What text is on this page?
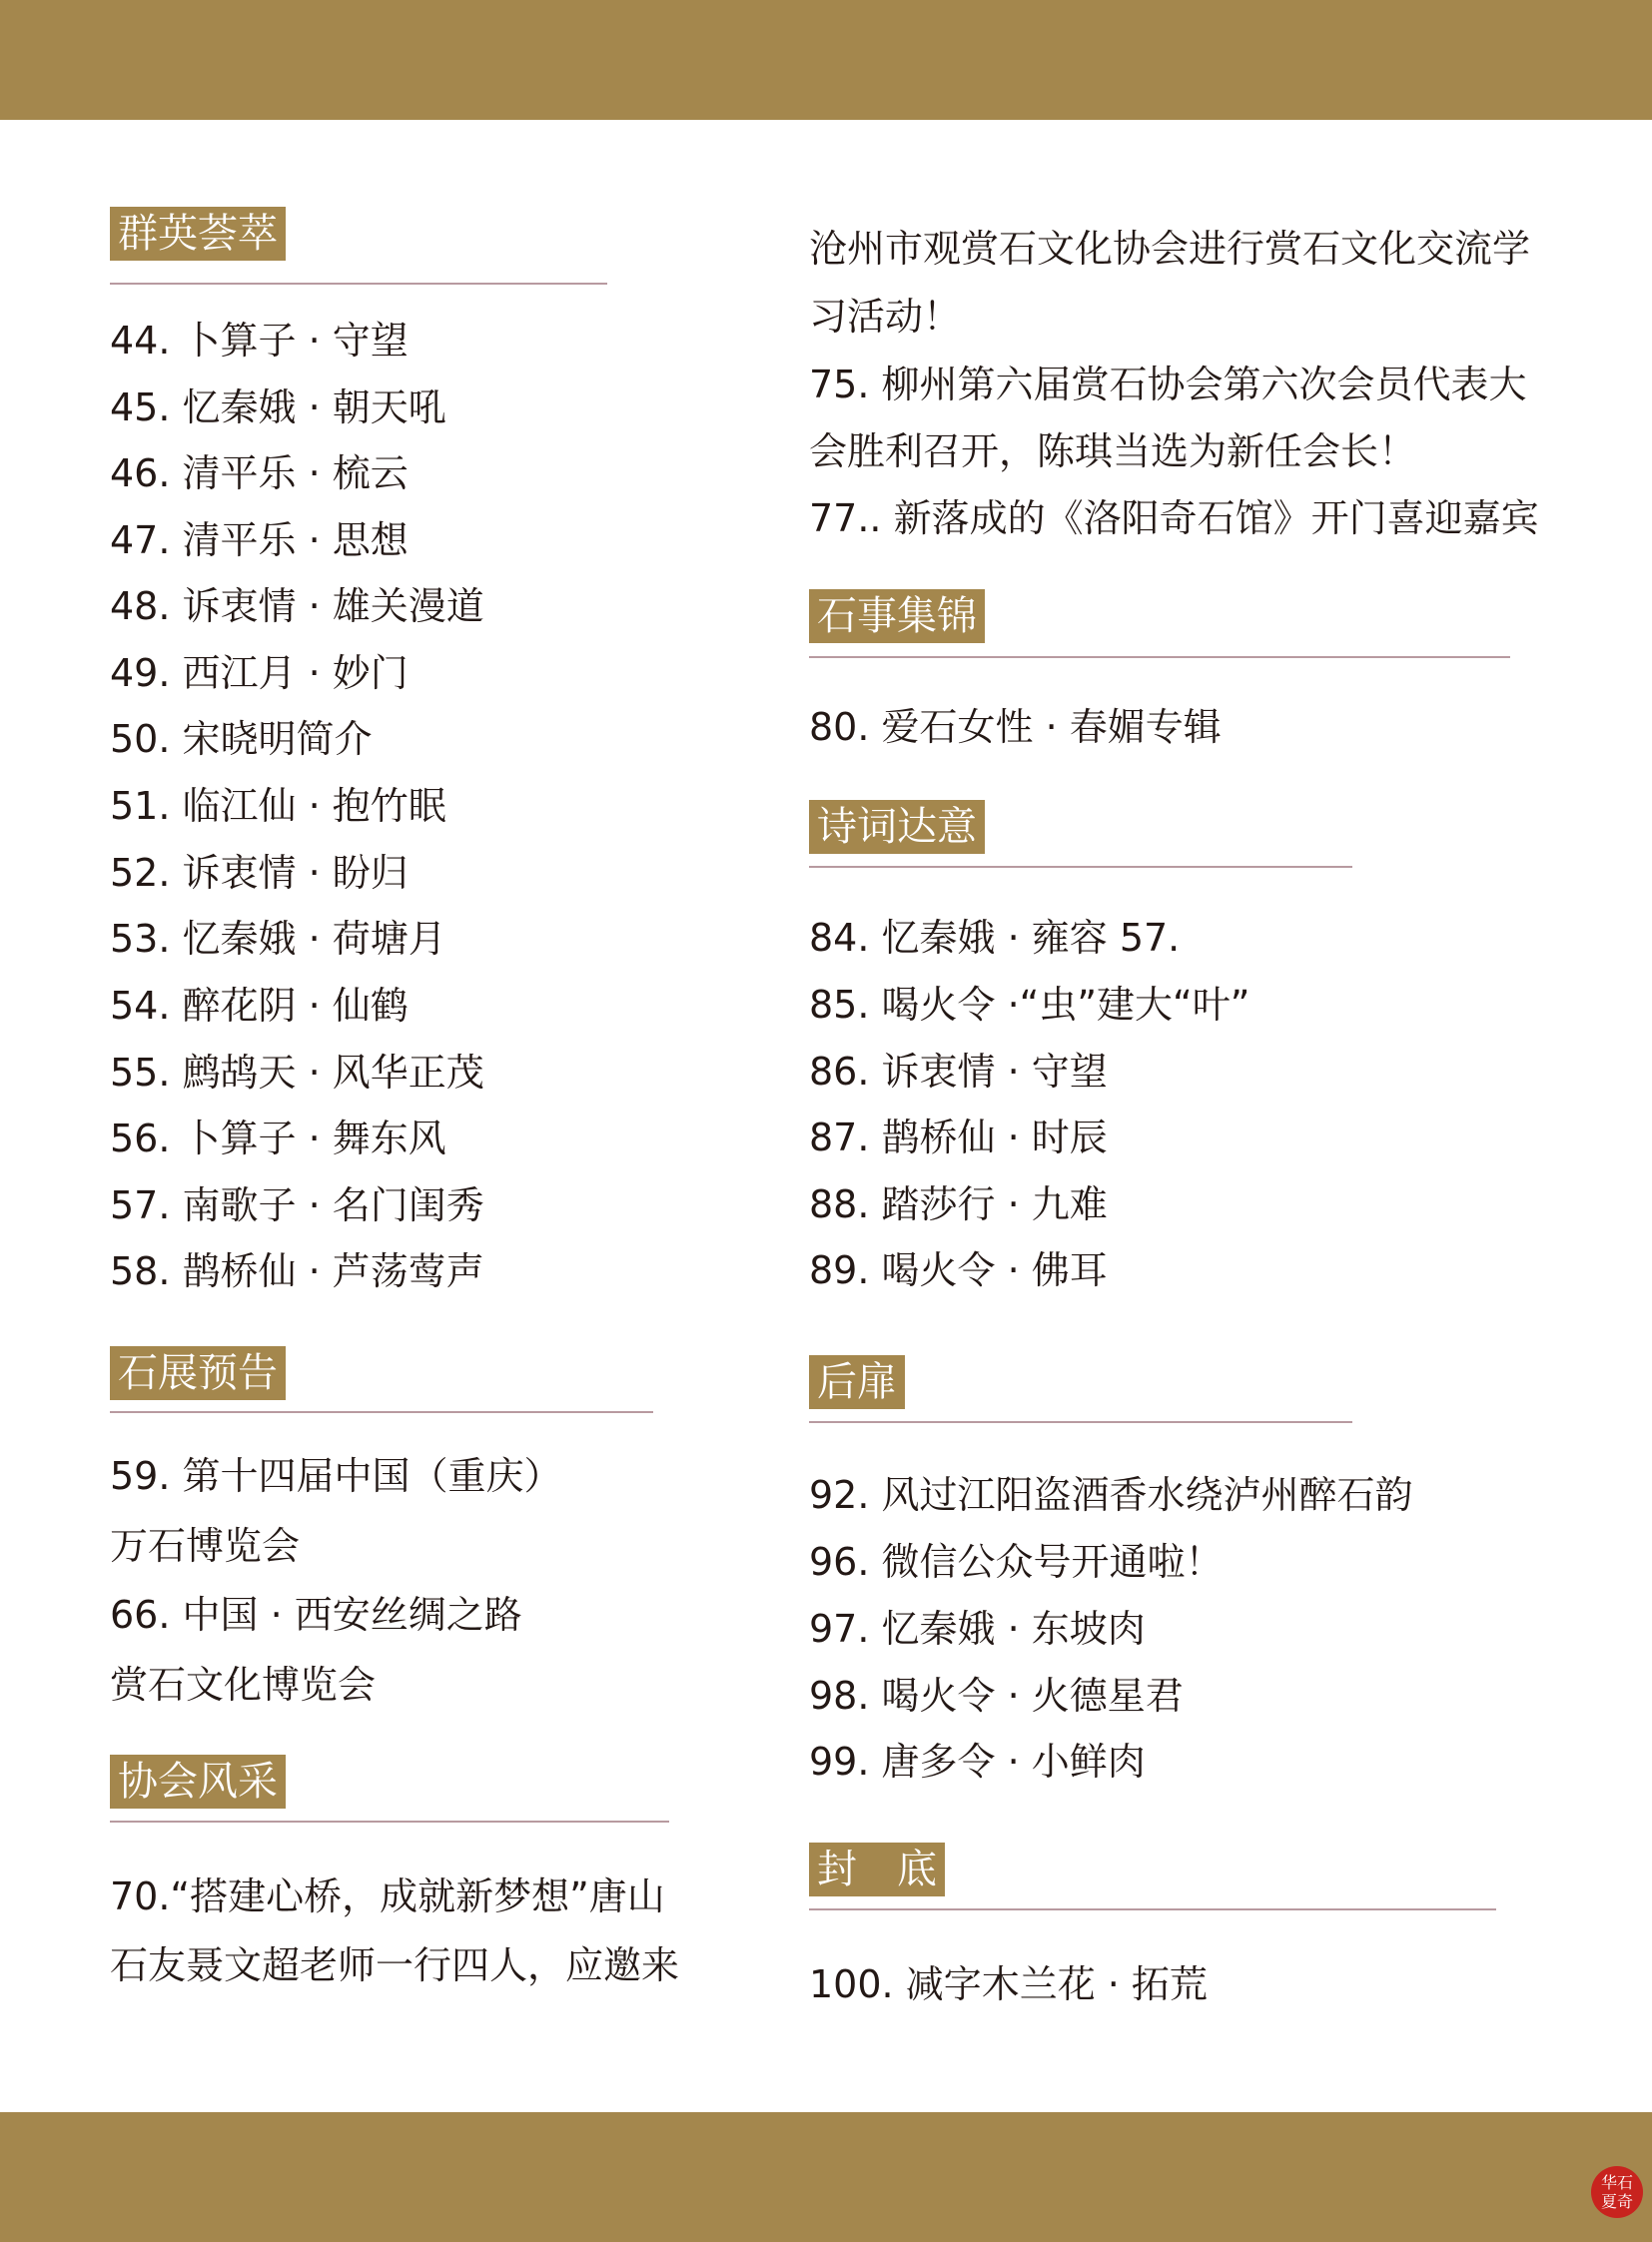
群英荟萃
44. 卜算子 · 守望
45. 忆秦娥 · 朝天吼
46. 清平乐 · 梳云
47. 清平乐 · 思想
48. 诉衷情 · 雄关漫道
49. 西江月 · 妙门
50. 宋晓明简介
51. 临江仙 · 抱竹眠
52. 诉衷情 · 盼归
53. 忆秦娥 · 荷塘月
54. 醉花阴 · 仙鹤
55. 鹧鸪天 · 风华正茂
56. 卜算子 · 舞东风
57. 南歌子 · 名门闺秀
58. 鹊桥仙 · 芦荡莺声
石展预告
59. 第十四届中国（重庆）
万石博览会
66. 中国 · 西安丝绸之路
赏石文化博览会
协会风采
70.“搭建心桥，成就新梦想”唐山
石友聂文超老师一行四人，应邀来
沧州市观赏石文化协会进行赏石文化交流学
习活动！
75. 柳州第六届赏石协会第六次会员代表大
会胜利召开，陈琪当选为新任会长！
77.. 新落成的《洛阳奇石馆》开门喜迎嘉宾
石事集锦
80. 爱石女性 · 春媚专辑
诗词达意
84. 忆秦娥 · 雍容 57.
85. 喝火令 ·“虫”建大“叶”
86. 诉衷情 · 守望
87. 鹊桥仙 · 时辰
88. 踏莎行 · 九难
89. 喝火令 · 佛耳
后扉
92. 风过江阳盗酒香水绕泸州醉石韵
96. 微信公众号开通啦！
97. 忆秦娥 · 东坡肉
98. 喝火令 · 火德星君
99. 唐多令 · 小鲜肉
封　底
100. 减字木兰花 · 拓荒
华石
夏奇
